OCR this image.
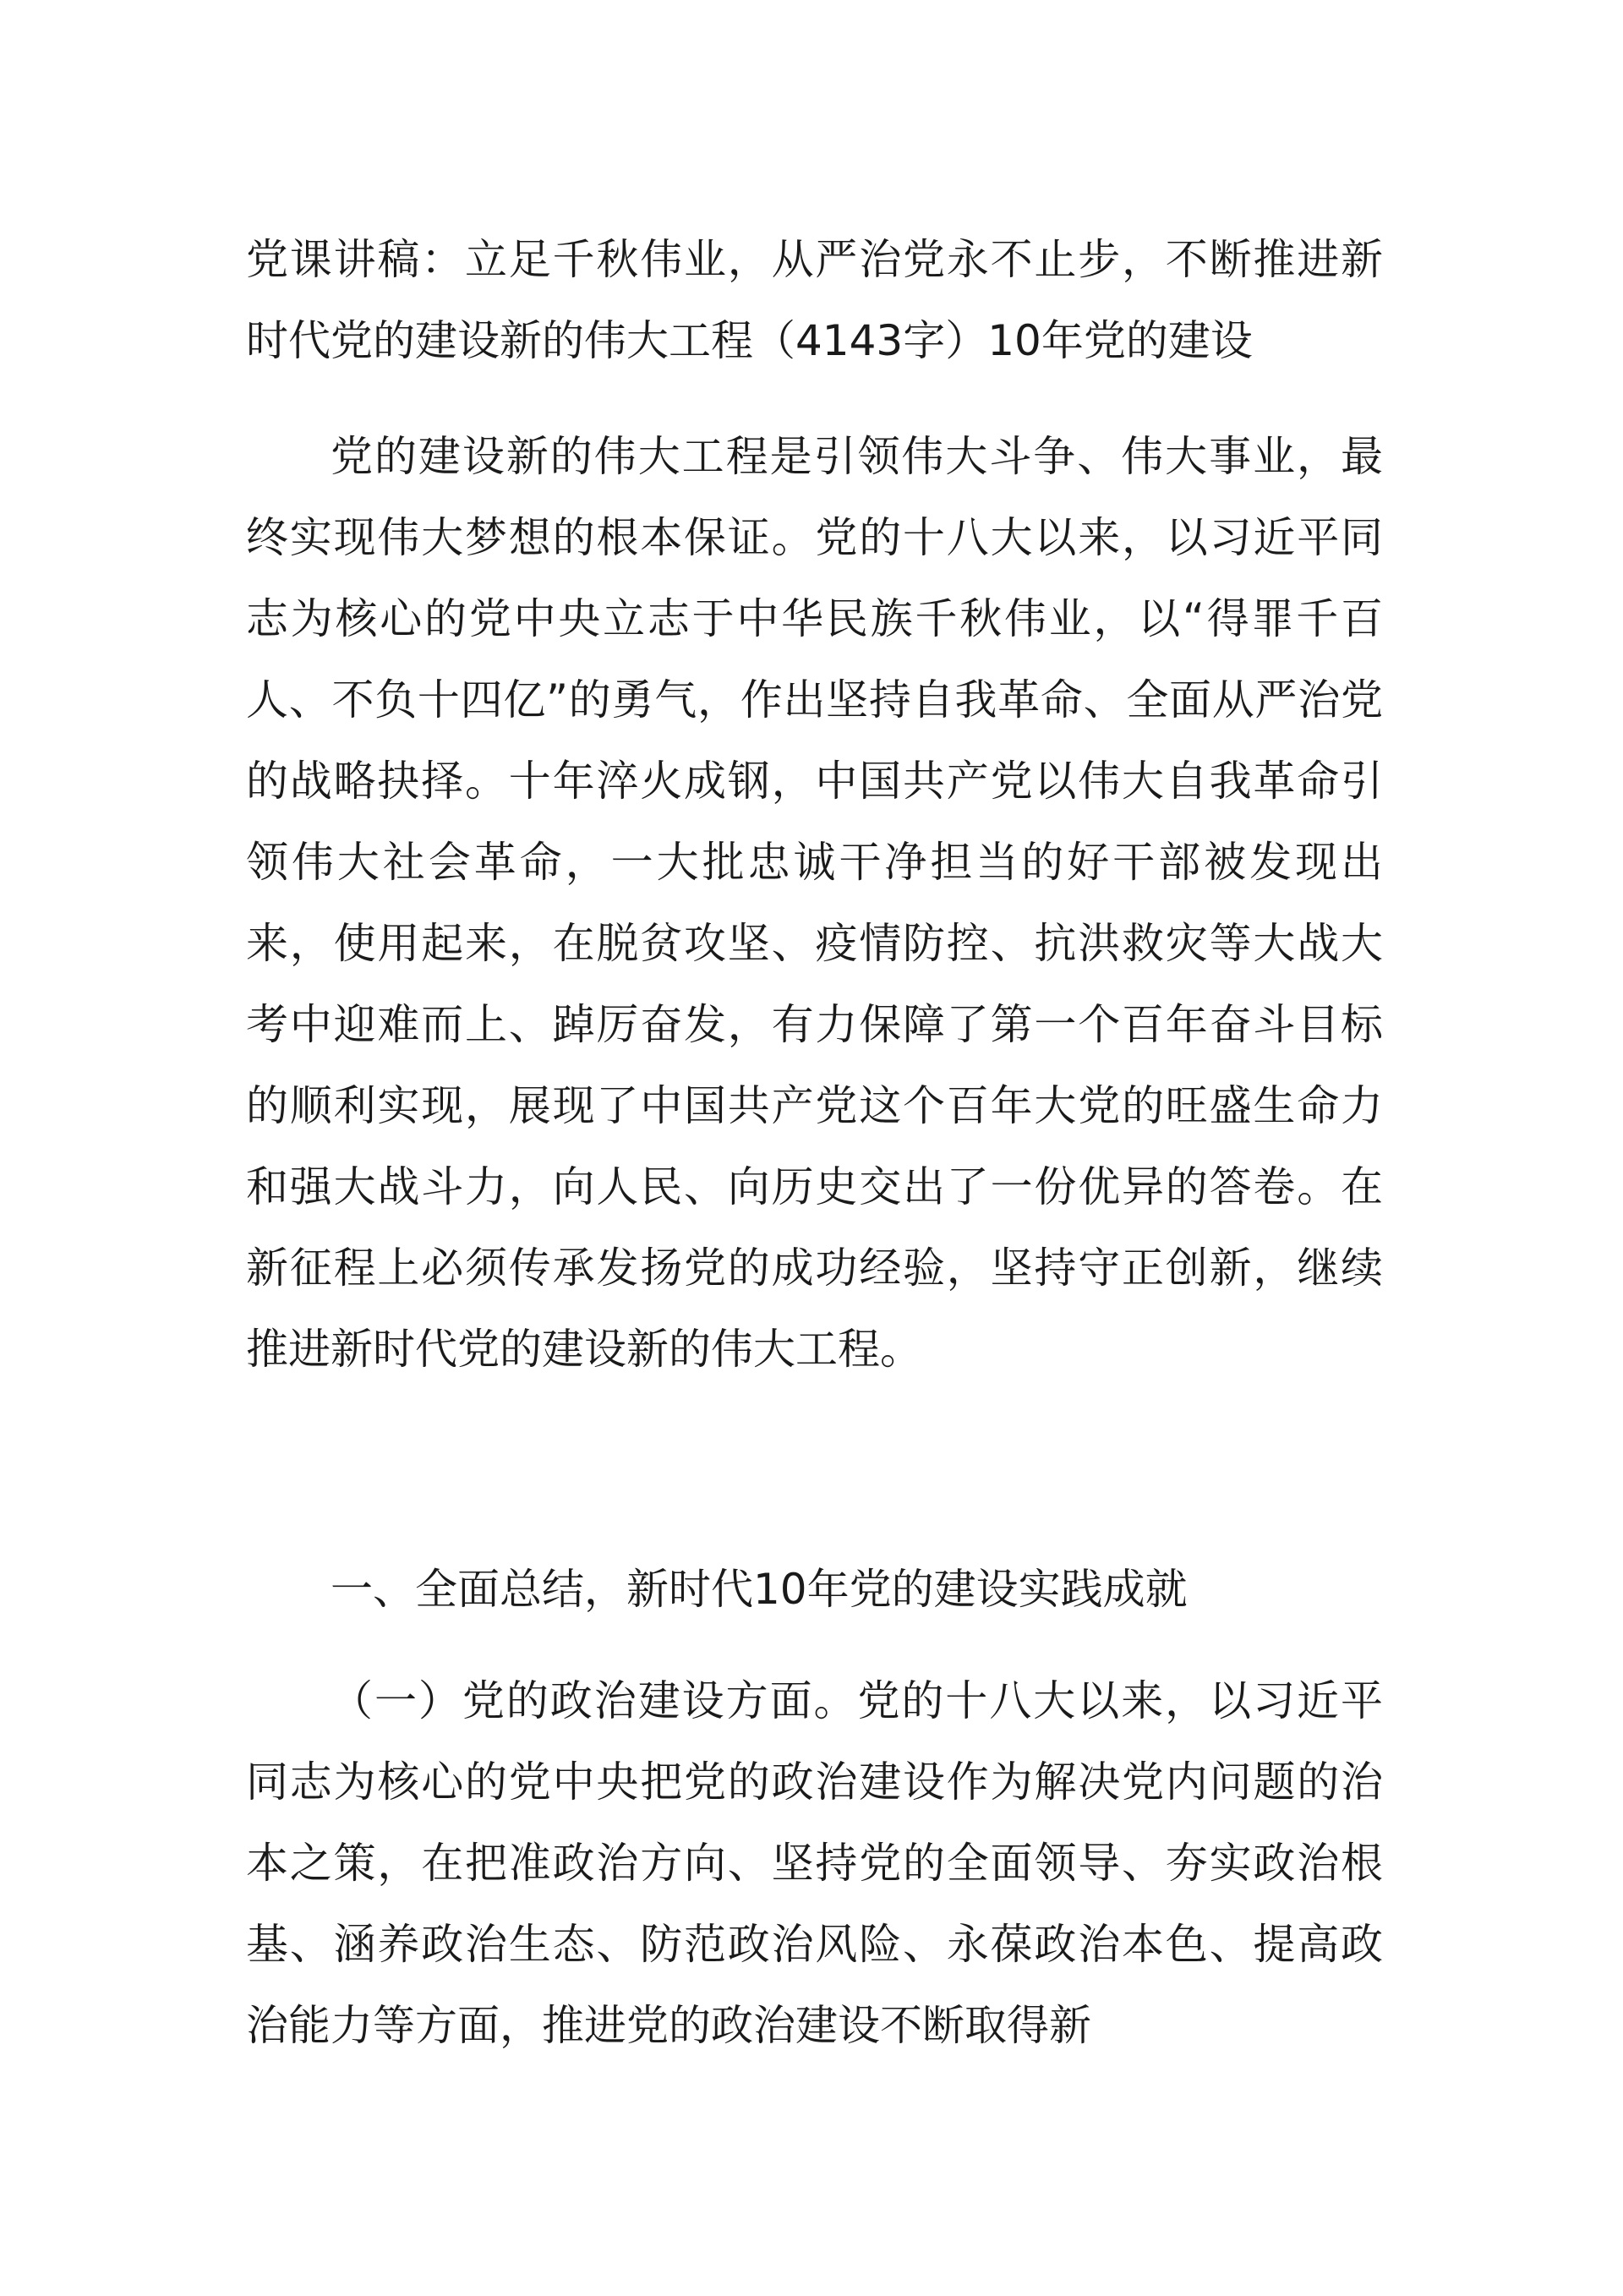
党课讲稿：立足千秋伟业，从严治党永不止步，不断推进新时代党的建设新的伟大工程（4143字）10年党的建设

党的建设新的伟大工程是引领伟大斗争、伟大事业，最终实现伟大梦想的根本保证。党的十八大以来，以习近平同志为核心的党中央立志于中华民族千秋伟业，以“得罪千百人、不负十四亿”的勇气，作出坚持自我革命、全面从严治党的战略抉择。十年淬火成钢，中国共产党以伟大自我革命引领伟大社会革命，一大批忠诚干净担当的好干部被发现出来，使用起来，在脱贫攻坚、疫情防控、抗洪救灾等大战大考中迎难而上、踔厉奋发，有力保障了第一个百年奋斗目标的顺利实现，展现了中国共产党这个百年大党的旺盛生命力和强大战斗力，向人民、向历史交出了一份优异的答卷。在新征程上必须传承发扬党的成功经验，坚持守正创新，继续推进新时代党的建设新的伟大工程。

一、全面总结，新时代10年党的建设实践成就

（一）党的政治建设方面。党的十八大以来，以习近平同志为核心的党中央把党的政治建设作为解决党内问题的治本之策，在把准政治方向、坚持党的全面领导、夯实政治根基、涵养政治生态、防范政治风险、永葆政治本色、提高政治能力等方面，推进党的政治建设不断取得新
